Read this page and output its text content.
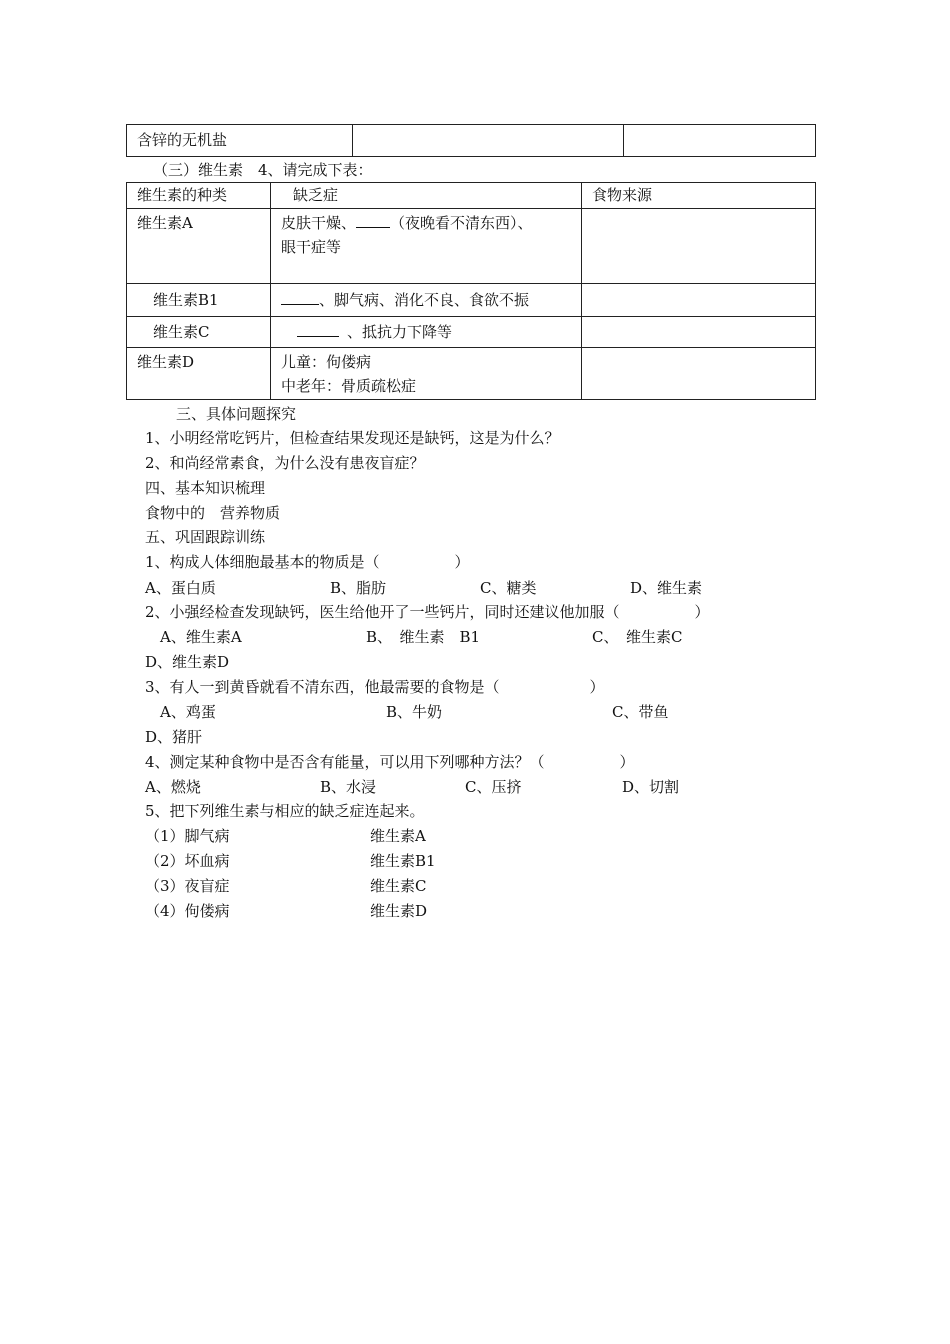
含锌的无机盐

（三）维生素　4、请完成下表：
维生素的种类	缺乏症	食物来源

维生素A	皮肤干燥、 （夜晚看不清东西）、
眼干症等	

维生素B1	、脚气病、消化不良、食欲不振	

维生素C	、抵抗力下降等	

维生素D	儿童：佝偻病
中老年：骨质疏松症	

三、具体问题探究
1、小明经常吃钙片，但检查结果发现还是缺钙，这是为什么？
2、和尚经常素食，为什么没有患夜盲症？
四、基本知识梳理
食物中的　营养物质
五、巩固跟踪训练
1、构成人体细胞最基本的物质是（　　　　　）
A、蛋白质	B、脂肪	C、糖类	D、维生素
2、小强经检查发现缺钙，医生给他开了一些钙片，同时还建议他加服（　　　　　）
A、维生素A	B、　维生素　B1	C、　维生素C
D、维生素D
3、有人一到黄昏就看不清东西，他最需要的食物是（　　　　　　）
A、鸡蛋	B、牛奶	C、带鱼
D、猪肝
4、测定某种食物中是否含有能量，可以用下列哪种方法？（　　　　　）
A、燃烧	B、水浸	C、压挤	D、切割
5、把下列维生素与相应的缺乏症连起来。
（1）脚气病	维生素A
（2）坏血病	维生素B1
（3）夜盲症	维生素C
（4）佝偻病	维生素D
